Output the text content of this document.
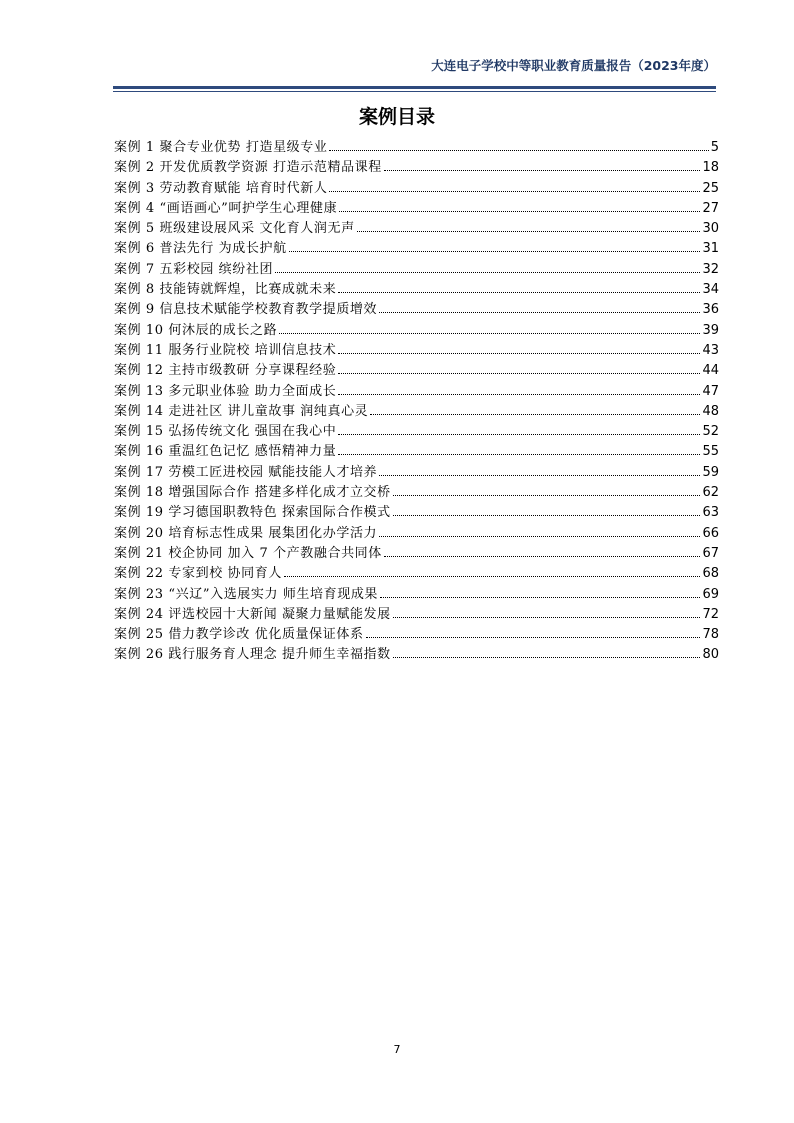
大连电子学校中等职业教育质量报告（2023年度）
案例目录
案例 1 聚合专业优势 打造星级专业	5
案例 2 开发优质教学资源 打造示范精品课程	18
案例 3 劳动教育赋能 培育时代新人	25
案例 4 “画语画心”呵护学生心理健康	27
案例 5 班级建设展风采 文化育人润无声	30
案例 6 普法先行 为成长护航	31
案例 7 五彩校园 缤纷社团	32
案例 8 技能铸就辉煌，比赛成就未来	34
案例 9 信息技术赋能学校教育教学提质增效	36
案例 10 何沐辰的成长之路	39
案例 11 服务行业院校 培训信息技术	43
案例 12 主持市级教研 分享课程经验	44
案例 13 多元职业体验 助力全面成长	47
案例 14 走进社区 讲儿童故事 润纯真心灵	48
案例 15 弘扬传统文化 强国在我心中	52
案例 16 重温红色记忆 感悟精神力量	55
案例 17 劳模工匠进校园 赋能技能人才培养	59
案例 18 增强国际合作 搭建多样化成才立交桥	62
案例 19 学习德国职教特色 探索国际合作模式	63
案例 20 培育标志性成果 展集团化办学活力	66
案例 21 校企协同 加入 7 个产教融合共同体	67
案例 22 专家到校 协同育人	68
案例 23 “兴辽”入选展实力 师生培育现成果	69
案例 24 评选校园十大新闻 凝聚力量赋能发展	72
案例 25 借力教学诊改 优化质量保证体系	78
案例 26 践行服务育人理念 提升师生幸福指数	80
7
